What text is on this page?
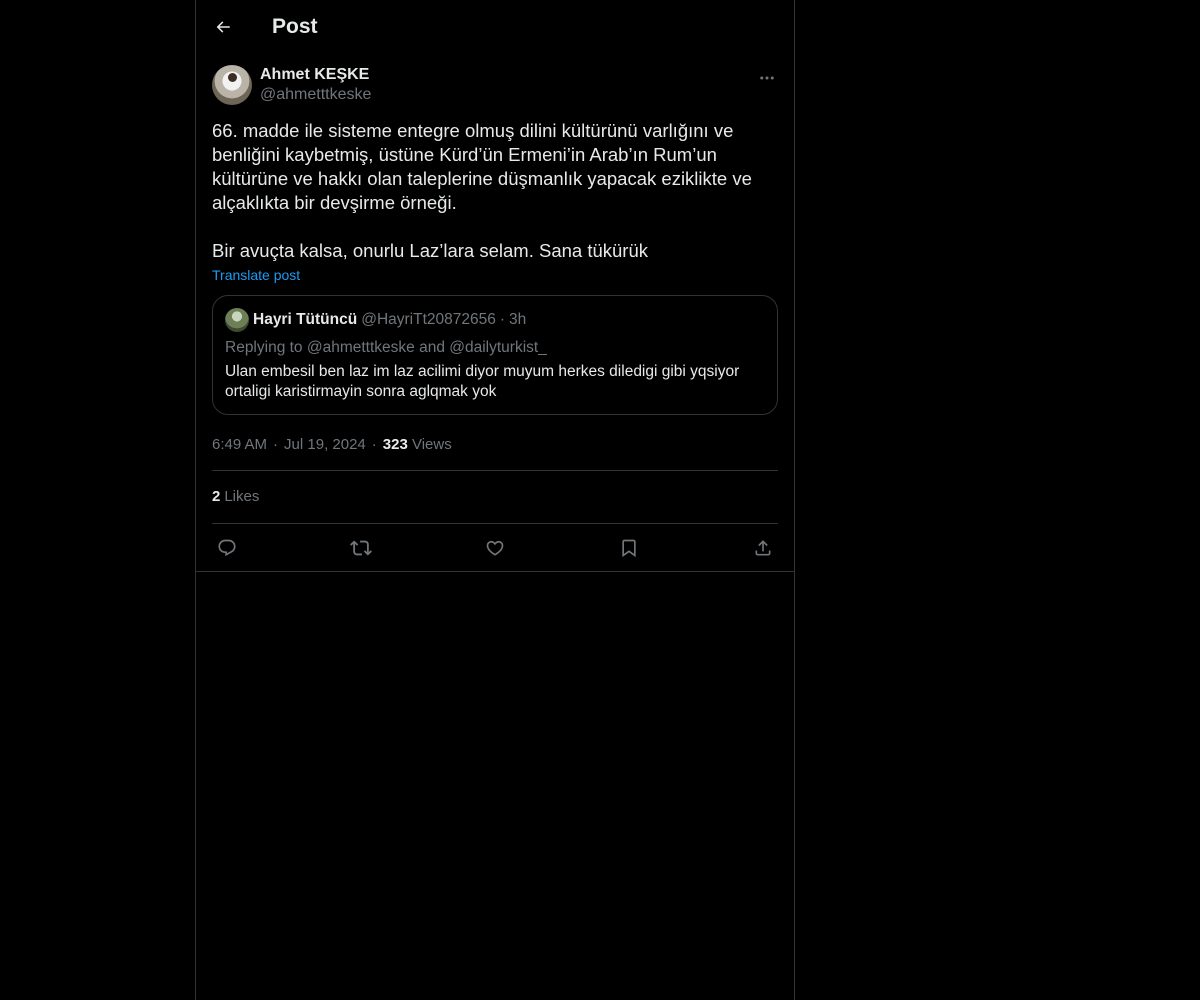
Post
Ahmet KEŞKE
@ahmetttkeske
66. madde ile sisteme entegre olmuş dilini kültürünü varlığını ve benliğini kaybetmiş, üstüne Kürd’ün Ermeni’in Arab’ın Rum’un kültürüne ve hakkı olan taleplerine düşmanlık yapacak eziklikte ve alçaklıkta bir devşirme örneği.

Bir avuçta kalsa, onurlu Laz’lara selam. Sana tükürük
Translate post
Hayri Tütüncü @HayriTt20872656 · 3h
Replying to @ahmetttkeske and @dailyturkist_
Ulan embesil ben laz im laz acilimi diyor muyum herkes diledigi gibi yqsiyor ortaligi karistirmayin sonra aglqmak yok
6:49 AM · Jul 19, 2024 · 323 Views
2 Likes
